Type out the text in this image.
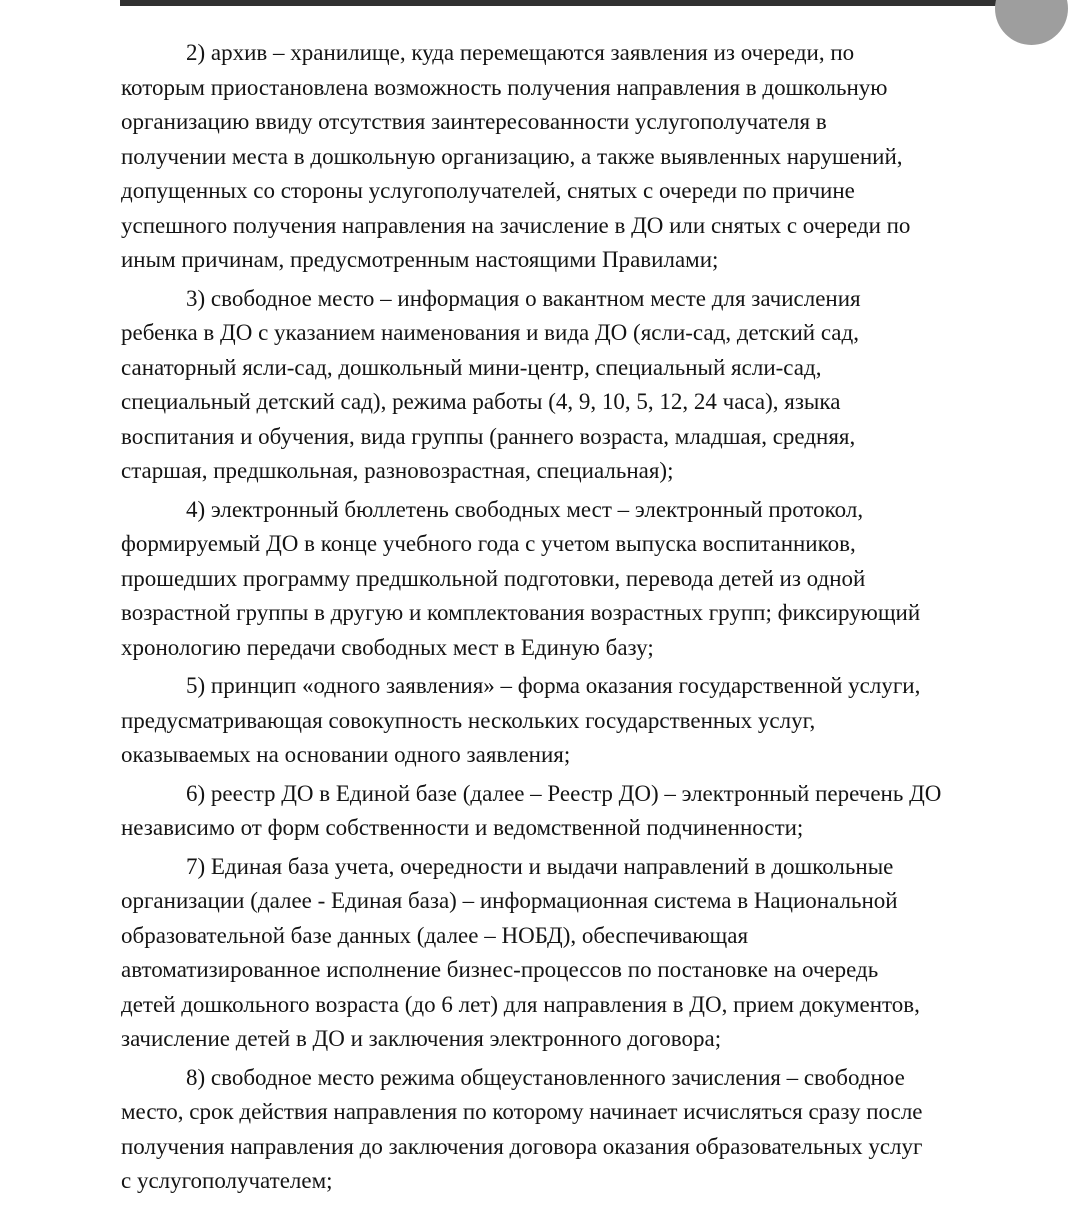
2) архив – хранилище, куда перемещаются заявления из очереди, по
которым приостановлена возможность получения направления в дошкольную
организацию ввиду отсутствия заинтересованности услугополучателя в
получении места в дошкольную организацию, а также выявленных нарушений,
допущенных со стороны услугополучателей, снятых с очереди по причине
успешного получения направления на зачисление в ДО или снятых с очереди по
иным причинам, предусмотренным настоящими Правилами;

3) свободное место – информация о вакантном месте для зачисления
ребенка в ДО с указанием наименования и вида ДО (ясли-сад, детский сад,
санаторный ясли-сад, дошкольный мини-центр, специальный ясли-сад,
специальный детский сад), режима работы (4, 9, 10, 5, 12, 24 часа), языка
воспитания и обучения, вида группы (раннего возраста, младшая, средняя,
старшая, предшкольная, разновозрастная, специальная);

4) электронный бюллетень свободных мест – электронный протокол,
формируемый ДО в конце учебного года с учетом выпуска воспитанников,
прошедших программу предшкольной подготовки, перевода детей из одной
возрастной группы в другую и комплектования возрастных групп; фиксирующий
хронологию передачи свободных мест в Единую базу;

5) принцип «одного заявления» – форма оказания государственной услуги,
предусматривающая совокупность нескольких государственных услуг,
оказываемых на основании одного заявления;

6) реестр ДО в Единой базе (далее – Реестр ДО) – электронный перечень ДО
независимо от форм собственности и ведомственной подчиненности;

7) Единая база учета, очередности и выдачи направлений в дошкольные
организации (далее - Единая база) – информационная система в Национальной
образовательной базе данных (далее – НОБД), обеспечивающая
автоматизированное исполнение бизнес-процессов по постановке на очередь
детей дошкольного возраста (до 6 лет) для направления в ДО, прием документов,
зачисление детей в ДО и заключения электронного договора;

8) свободное место режима общеустановленного зачисления – свободное
место, срок действия направления по которому начинает исчисляться сразу после
получения направления до заключения договора оказания образовательных услуг
с услугополучателем;
